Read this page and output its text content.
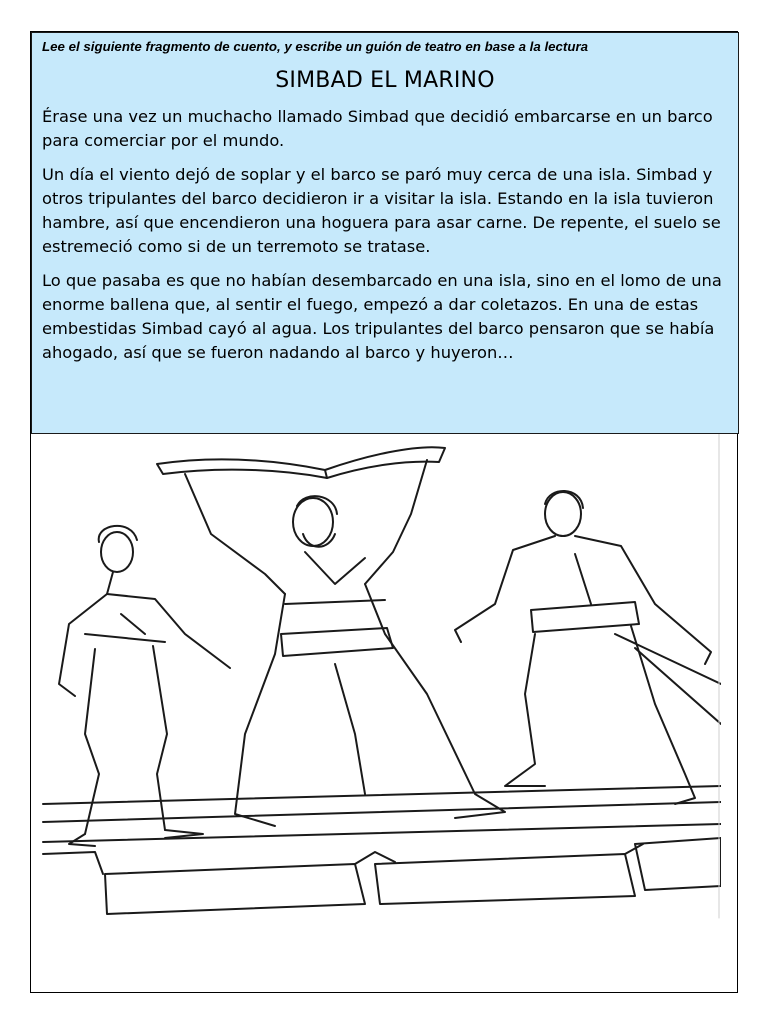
Lee el siguiente fragmento de cuento, y escribe un guión de teatro en base a la lectura

SIMBAD EL MARINO

Érase una vez un muchacho llamado Simbad que decidió embarcarse en un barco para comerciar por el mundo.

Un día el viento dejó de soplar y el barco se paró muy cerca de una isla. Simbad y otros tripulantes del barco decidieron ir a visitar la isla. Estando en la isla tuvieron hambre, así que encendieron una hoguera para asar carne. De repente, el suelo se estremeció como si de un terremoto se tratase.

Lo que pasaba es que no habían desembarcado en una isla, sino en el lomo de una enorme ballena que, al sentir el fuego, empezó a dar coletazos. En una de estas embestidas Simbad cayó al agua. Los tripulantes del barco pensaron que se había ahogado, así que se fueron nadando al barco y huyeron…
